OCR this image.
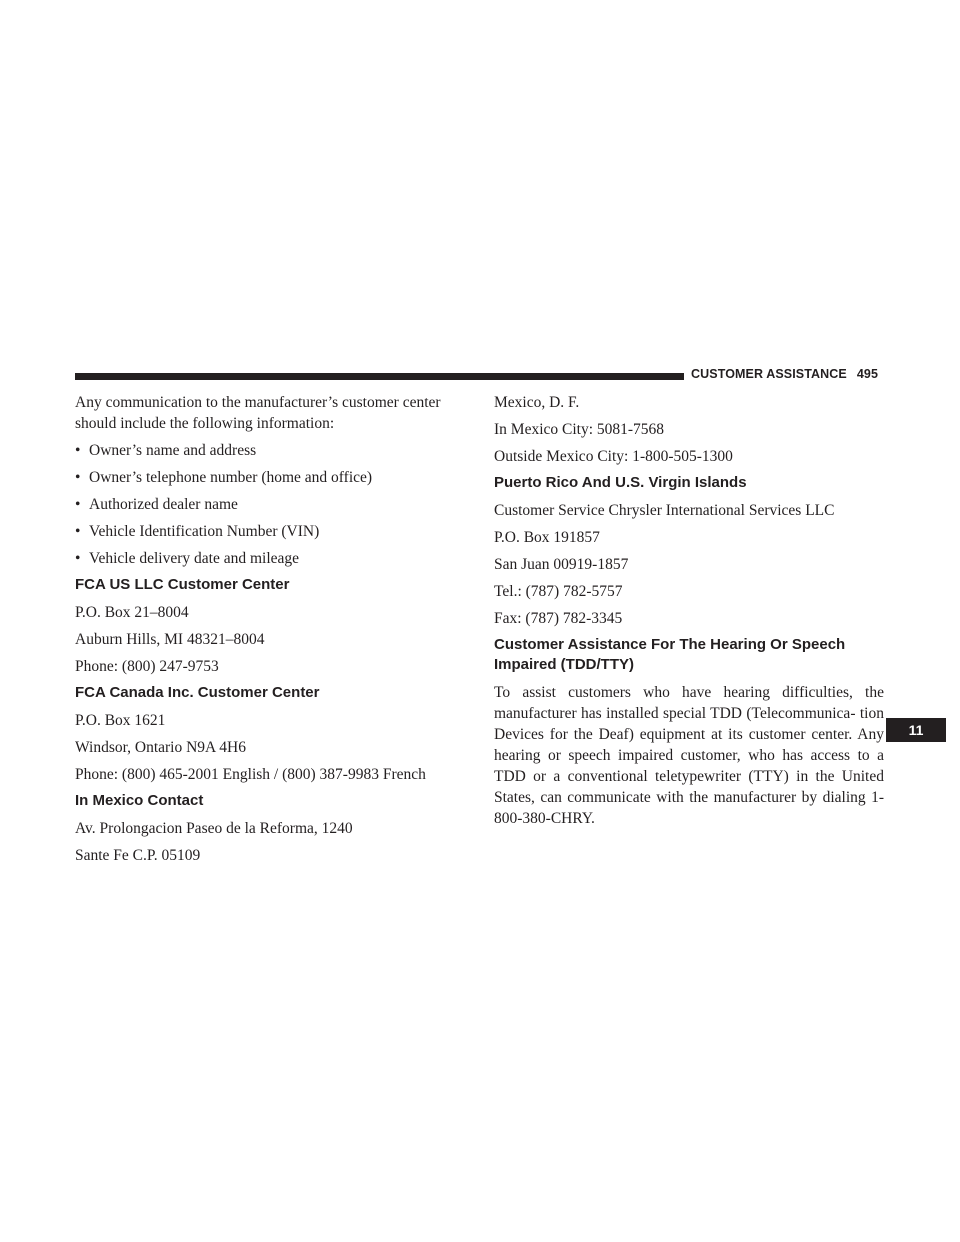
CUSTOMER ASSISTANCE 495

Any communication to the manufacturer’s customer center should include the following information:

• Owner’s name and address
• Owner’s telephone number (home and office)
• Authorized dealer name
• Vehicle Identification Number (VIN)
• Vehicle delivery date and mileage
FCA US LLC Customer Center

P.O. Box 21–8004

Auburn Hills, MI 48321–8004

Phone: (800) 247-9753

FCA Canada Inc. Customer Center

P.O. Box 1621

Windsor, Ontario N9A 4H6

Phone: (800) 465-2001 English / (800) 387-9983 French

In Mexico Contact

Av. Prolongacion Paseo de la Reforma, 1240

Sante Fe C.P. 05109

Mexico, D. F.

In Mexico City: 5081-7568

Outside Mexico City: 1-800-505-1300

Puerto Rico And U.S. Virgin Islands

Customer Service Chrysler International Services LLC

P.O. Box 191857

San Juan 00919-1857

Tel.: (787) 782-5757

Fax: (787) 782-3345

Customer Assistance For The Hearing Or Speech
Impaired (TDD/TTY)

To assist customers who have hearing difficulties, the manufacturer has installed special TDD (Telecommunica- tion Devices for the Deaf) equipment at its customer center. Any hearing or speech impaired customer, who has access to a TDD or a conventional teletypewriter (TTY) in the United States, can communicate with the manufacturer by dialing 1-800-380-CHRY.

11
